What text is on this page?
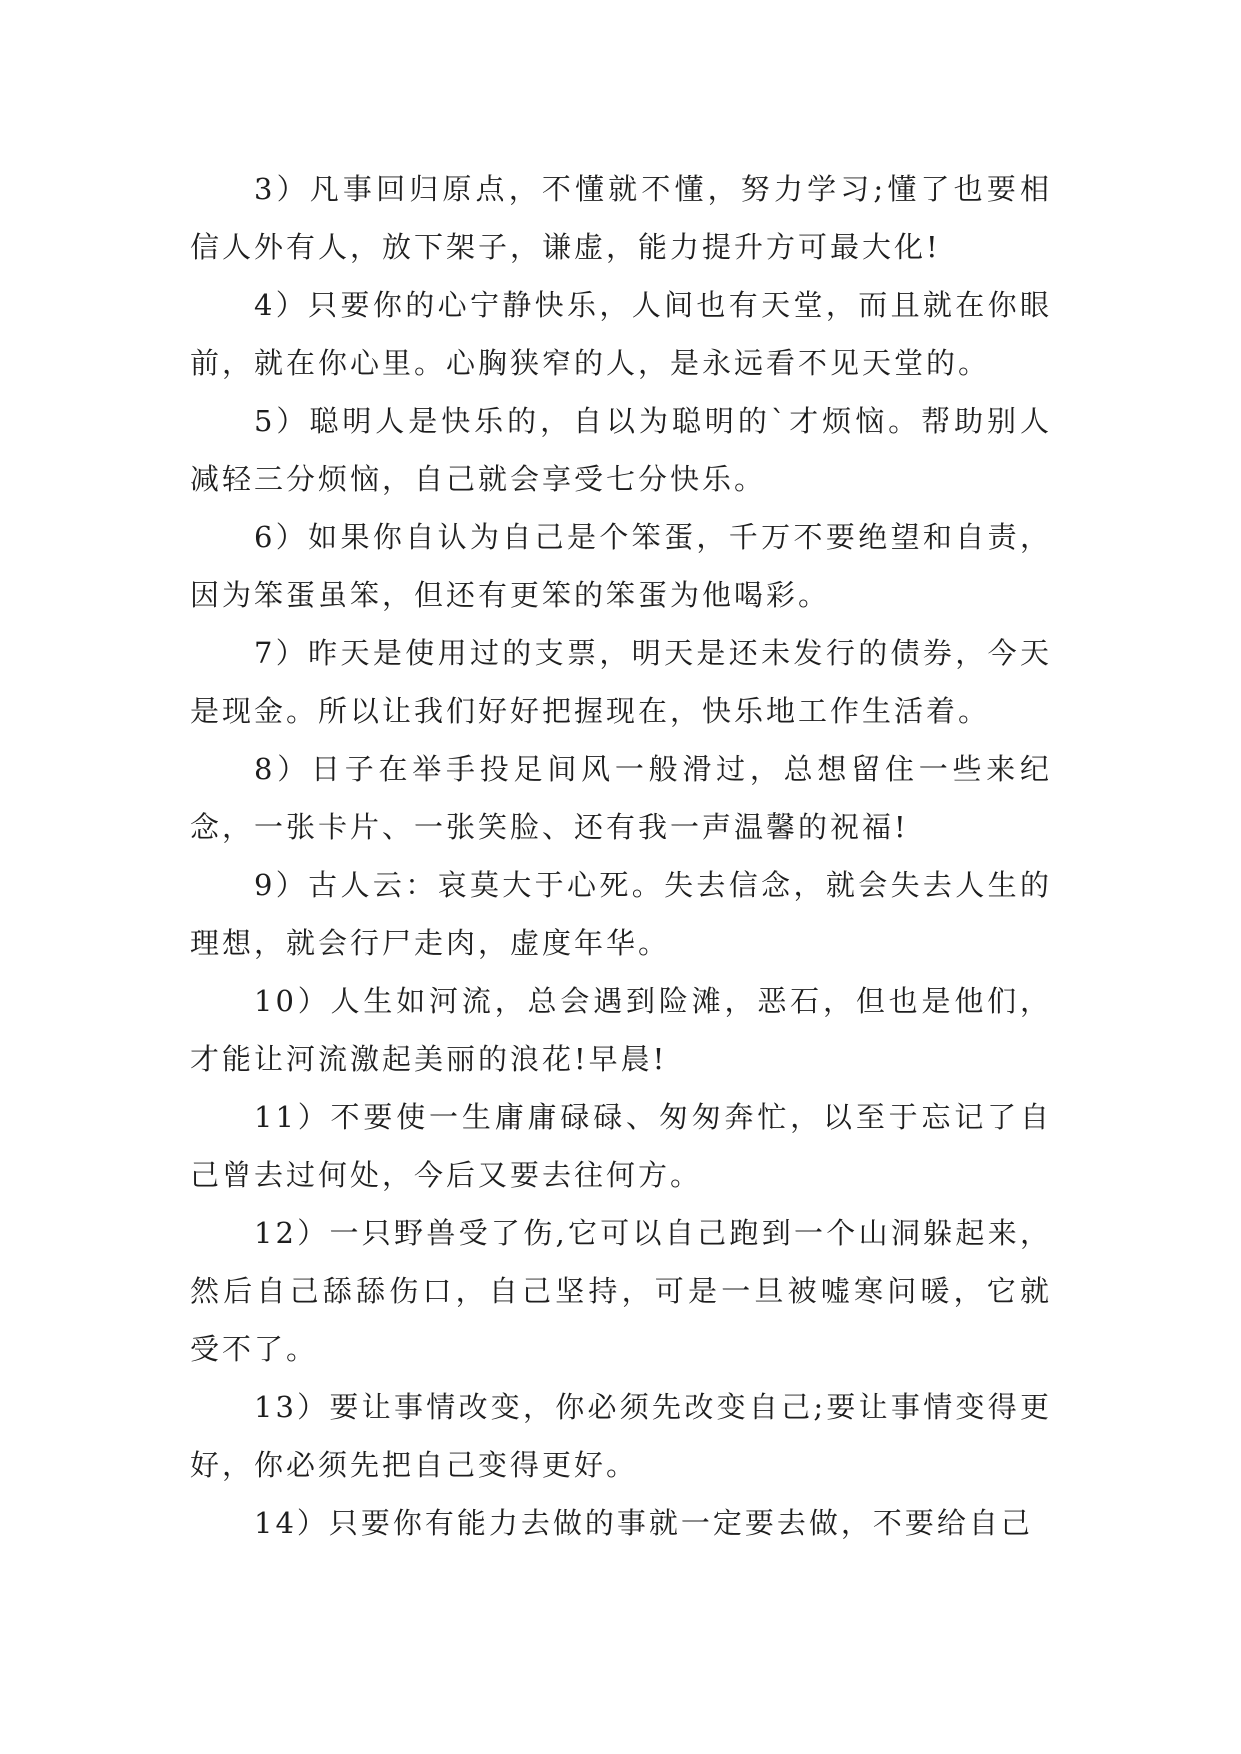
3）凡事回归原点，不懂就不懂，努力学习;懂了也要相信人外有人，放下架子，谦虚，能力提升方可最大化!

4）只要你的心宁静快乐，人间也有天堂，而且就在你眼前，就在你心里。心胸狭窄的人，是永远看不见天堂的。

5）聪明人是快乐的，自以为聪明的`才烦恼。帮助别人减轻三分烦恼，自己就会享受七分快乐。

6）如果你自认为自己是个笨蛋，千万不要绝望和自责，因为笨蛋虽笨，但还有更笨的笨蛋为他喝彩。

7）昨天是使用过的支票，明天是还未发行的债券，今天是现金。所以让我们好好把握现在，快乐地工作生活着。

8）日子在举手投足间风一般滑过，总想留住一些来纪念，一张卡片、一张笑脸、还有我一声温馨的祝福!

9）古人云：哀莫大于心死。失去信念，就会失去人生的理想，就会行尸走肉，虚度年华。

10）人生如河流，总会遇到险滩，恶石，但也是他们，才能让河流激起美丽的浪花!早晨!

11）不要使一生庸庸碌碌、匆匆奔忙，以至于忘记了自己曾去过何处，今后又要去往何方。

12）一只野兽受了伤,它可以自己跑到一个山洞躲起来，然后自己舔舔伤口，自己坚持，可是一旦被嘘寒问暖，它就受不了。

13）要让事情改变，你必须先改变自己;要让事情变得更好，你必须先把自己变得更好。

14）只要你有能力去做的事就一定要去做，不要给自己
